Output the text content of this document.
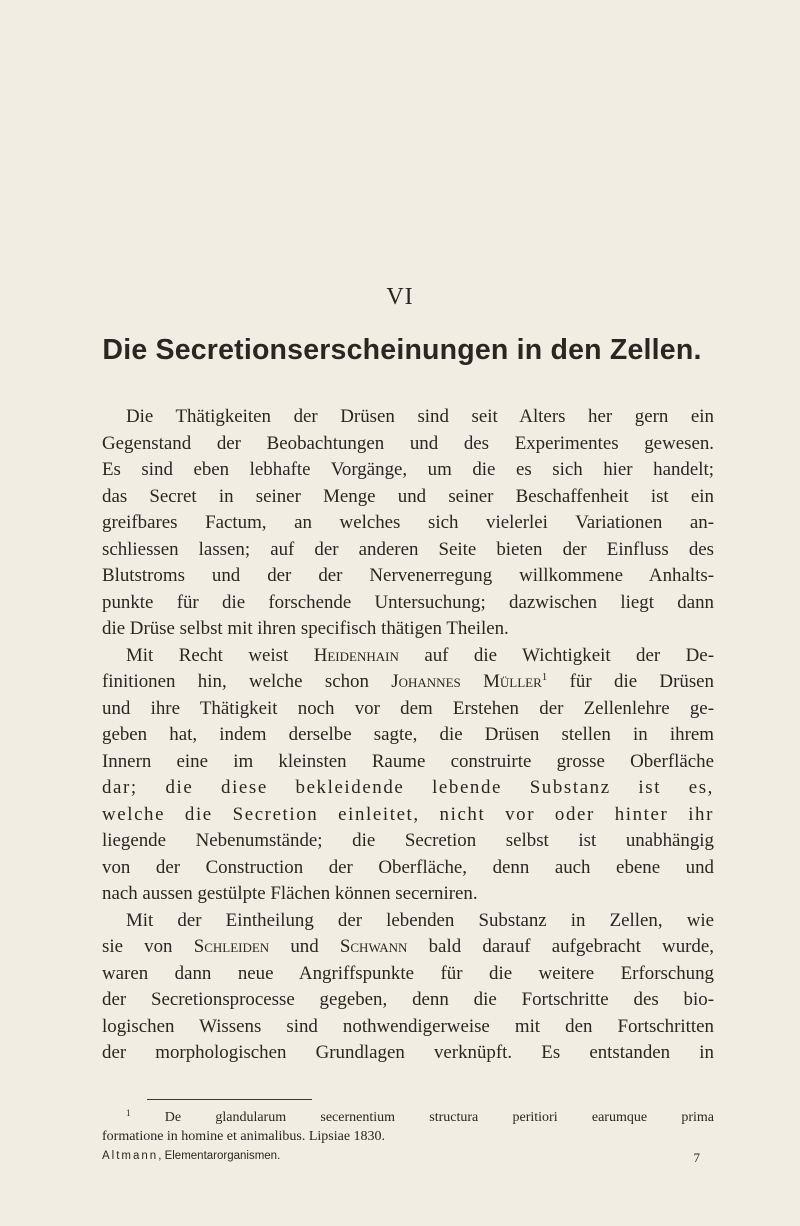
VI
Die Secretionserscheinungen in den Zellen.
Die Thätigkeiten der Drüsen sind seit Alters her gern ein
Gegenstand der Beobachtungen und des Experimentes gewesen.
Es sind eben lebhafte Vorgänge, um die es sich hier handelt;
das Secret in seiner Menge und seiner Beschaffenheit ist ein
greifbares Factum, an welches sich vielerlei Variationen an-
schliessen lassen; auf der anderen Seite bieten der Einfluss des
Blutstroms und der der Nervenerregung willkommene Anhalts-
punkte für die forschende Untersuchung; dazwischen liegt dann
die Drüse selbst mit ihren specifisch thätigen Theilen.
Mit Recht weist Heidenhain auf die Wichtigkeit der De-
finitionen hin, welche schon Johannes Müller$^1$ für die Drüsen
und ihre Thätigkeit noch vor dem Erstehen der Zellenlehre ge-
geben hat, indem derselbe sagte, die Drüsen stellen in ihrem
Innern eine im kleinsten Raume construirte grosse Oberfläche
dar; die diese bekleidende lebende Substanz ist es,
welche die Secretion einleitet, nicht vor oder hinter ihr
liegende Nebenumstände; die Secretion selbst ist unabhängig
von der Construction der Oberfläche, denn auch ebene und
nach aussen gestülpte Flächen können secerniren.
Mit der Eintheilung der lebenden Substanz in Zellen, wie
sie von Schleiden und Schwann bald darauf aufgebracht wurde,
waren dann neue Angriffspunkte für die weitere Erforschung
der Secretionsprocesse gegeben, denn die Fortschritte des bio-
logischen Wissens sind nothwendigerweise mit den Fortschritten
der morphologischen Grundlagen verknüpft. Es entstanden in
$^1$ De glandularum secernentium structura peritiori earumque prima
formatione in homine et animalibus. Lipsiae 1830.
Altmann, Elementarorganismen.	7
